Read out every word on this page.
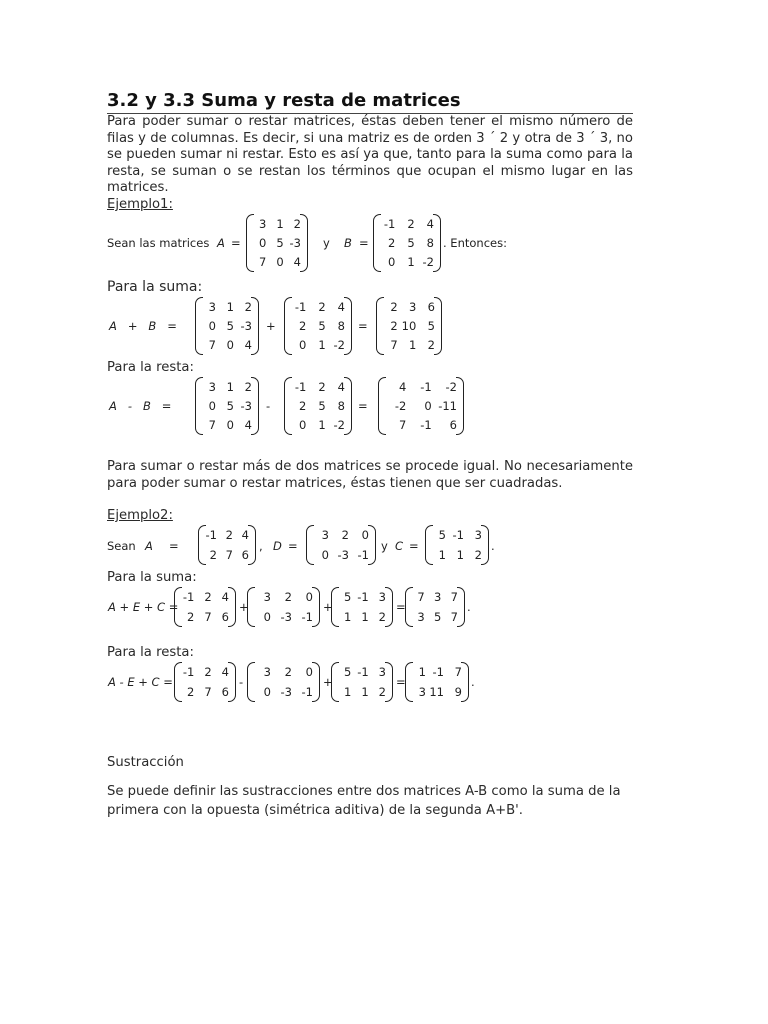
3.2 y 3.3 Suma y resta de matrices
Para poder sumar o restar matrices, éstas deben tener el mismo número de filas y de columnas. Es decir, si una matriz es de orden 3 ´ 2 y otra de 3 ´ 3, no se pueden sumar ni restar. Esto es así ya que, tanto para la suma como para la resta, se suman o se restan los términos que ocupan el mismo lugar en las matrices.
Ejemplo1:
Sean las matrices A =
3 1 2
0 5 -3
7 0 4
y B =
-1	2	4
2	5	8
0	1 -2
. Entonces:
Para la suma:
A   +   B   =
3 1 2
0 5 -3
7 0 4
+
-1	2	4
2	5	8
0	1 -2
=
2 3 6
2 10 5
7 1 2
Para la resta:
A   -   B   =
3 1 2
0 5 -3
7 0 4
-
-1	2	4
2	5	8
0	1 -2
=
4	-1	-2
-2	0 -11
7	-1	6
Para sumar o restar más de dos matrices se procede igual. No necesariamente para poder sumar o restar matrices, éstas tienen que ser cuadradas.
Ejemplo2:
Sean A =
-1 2 4
2 7 6
, D =
3	2	0
0 -3 -1
y C =
5 -1 3
1 1 2
.
Para la suma:
A + E + C =
-1 2 4
2 7 6
+
3	2	0
0 -3 -1
+
5 -1 3
1 1 2
=
7 3 7
3 5 7
.
Para la resta:
A - E + C =
-1 2 4
2 7 6
-
3	2	0
0 -3 -1
+
5 -1 3
1 1 2
=
1 -1 7
3 11 9
.
Sustracción
Se puede definir las sustracciones entre dos matrices A-B como la suma de la primera con la opuesta (simétrica aditiva) de la segunda A+B'.
